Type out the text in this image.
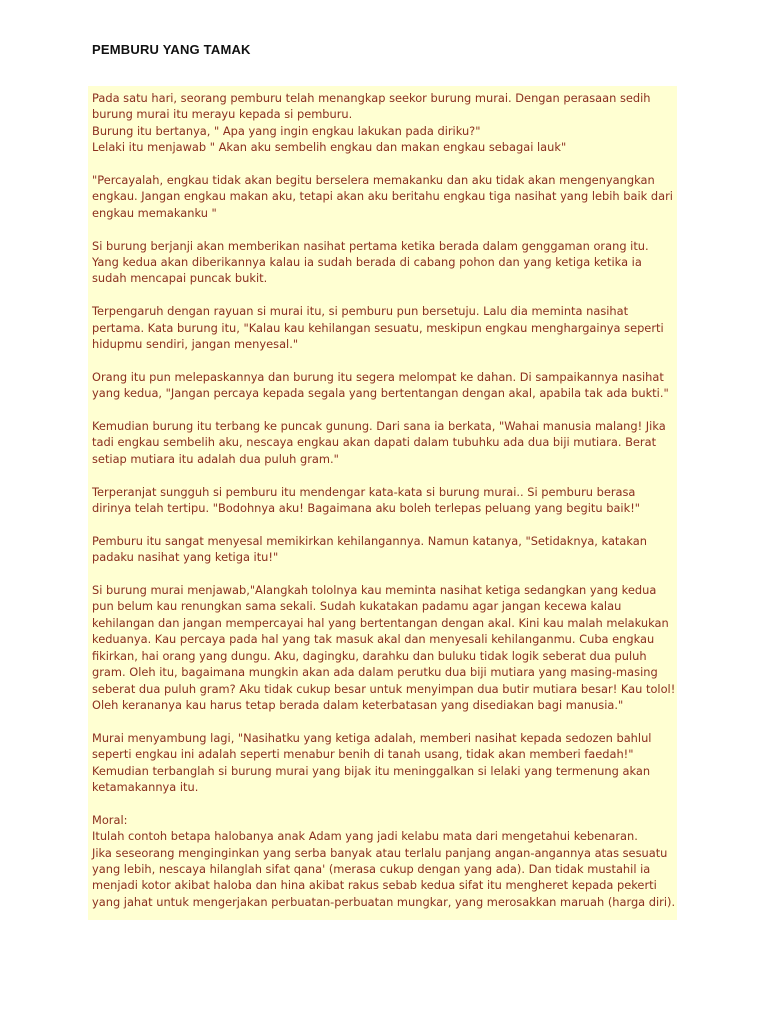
PEMBURU YANG TAMAK
Pada satu hari, seorang pemburu telah menangkap seekor burung murai. Dengan perasaan sedih
burung murai itu merayu kepada si pemburu.
Burung itu bertanya, " Apa yang ingin engkau lakukan pada diriku?"
Lelaki itu menjawab " Akan aku sembelih engkau dan makan engkau sebagai lauk"
"Percayalah, engkau tidak akan begitu berselera memakanku dan aku tidak akan mengenyangkan
engkau. Jangan engkau makan aku, tetapi akan aku beritahu engkau tiga nasihat yang lebih baik dari
engkau memakanku "
Si burung berjanji akan memberikan nasihat pertama ketika berada dalam genggaman orang itu.
Yang kedua akan diberikannya kalau ia sudah berada di cabang pohon dan yang ketiga ketika ia
sudah mencapai puncak bukit.
Terpengaruh dengan rayuan si murai itu, si pemburu pun bersetuju. Lalu dia meminta nasihat
pertama. Kata burung itu, "Kalau kau kehilangan sesuatu, meskipun engkau menghargainya seperti
hidupmu sendiri, jangan menyesal."
Orang itu pun melepaskannya dan burung itu segera melompat ke dahan. Di sampaikannya nasihat
yang kedua, "Jangan percaya kepada segala yang bertentangan dengan akal, apabila tak ada bukti."
Kemudian burung itu terbang ke puncak gunung. Dari sana ia berkata, "Wahai manusia malang! Jika
tadi engkau sembelih aku, nescaya engkau akan dapati dalam tubuhku ada dua biji mutiara. Berat
setiap mutiara itu adalah dua puluh gram."
Terperanjat sungguh si pemburu itu mendengar kata-kata si burung murai.. Si pemburu berasa
dirinya telah tertipu. "Bodohnya aku! Bagaimana aku boleh terlepas peluang yang begitu baik!"
Pemburu itu sangat menyesal memikirkan kehilangannya. Namun katanya, "Setidaknya, katakan
padaku nasihat yang ketiga itu!"
Si burung murai menjawab,"Alangkah tololnya kau meminta nasihat ketiga sedangkan yang kedua
pun belum kau renungkan sama sekali. Sudah kukatakan padamu agar jangan kecewa kalau
kehilangan dan jangan mempercayai hal yang bertentangan dengan akal. Kini kau malah melakukan
keduanya. Kau percaya pada hal yang tak masuk akal dan menyesali kehilanganmu. Cuba engkau
fikirkan, hai orang yang dungu. Aku, dagingku, darahku dan buluku tidak logik seberat dua puluh
gram. Oleh itu, bagaimana mungkin akan ada dalam perutku dua biji mutiara yang masing-masing
seberat dua puluh gram? Aku tidak cukup besar untuk menyimpan dua butir mutiara besar! Kau tolol!
Oleh kerananya kau harus tetap berada dalam keterbatasan yang disediakan bagi manusia."
Murai menyambung lagi, "Nasihatku yang ketiga adalah, memberi nasihat kepada sedozen bahlul
seperti engkau ini adalah seperti menabur benih di tanah usang, tidak akan memberi faedah!"
Kemudian terbanglah si burung murai yang bijak itu meninggalkan si lelaki yang termenung akan
ketamakannya itu.
Moral:
Itulah contoh betapa halobanya anak Adam yang jadi kelabu mata dari mengetahui kebenaran.
Jika seseorang menginginkan yang serba banyak atau terlalu panjang angan-angannya atas sesuatu
yang lebih, nescaya hilanglah sifat qana' (merasa cukup dengan yang ada). Dan tidak mustahil ia
menjadi kotor akibat haloba dan hina akibat rakus sebab kedua sifat itu mengheret kepada pekerti
yang jahat untuk mengerjakan perbuatan-perbuatan mungkar, yang merosakkan maruah (harga diri).
